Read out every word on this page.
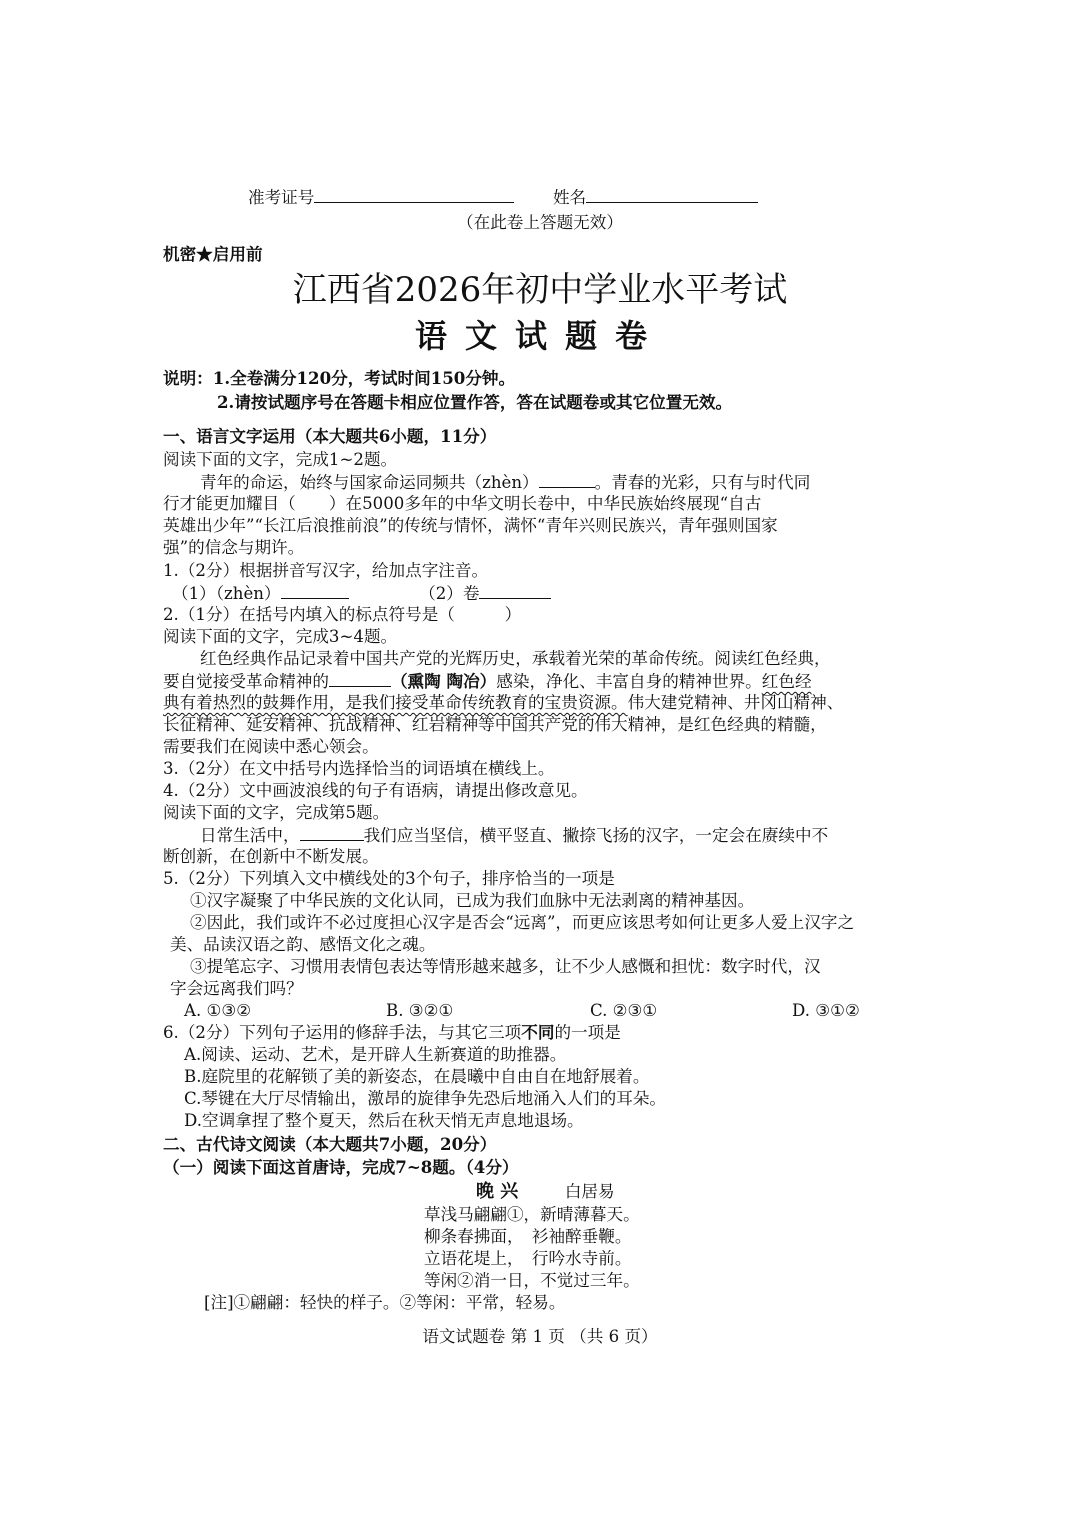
准考证号	姓名
（在此卷上答题无效）
机密★启用前
江西省2026年初中学业水平考试
语文试题卷
说明：1.全卷满分120分，考试时间150分钟。
2.请按试题序号在答题卡相应位置作答，答在试题卷或其它位置无效。
一、语言文字运用（本大题共6小题，11分）
阅读下面的文字，完成1~2题。
青年的命运，始终与国家命运同频共（zhèn）	。青春的光彩，只有与时代同
行才能更加耀目（　　）在5000多年的中华文明长卷中，中华民族始终展现“自古
英雄出少年”“长江后浪推前浪”的传统与情怀，满怀“青年兴则民族兴，青年强则国家
强”的信念与期许。
1.（2分）根据拼音写汉字，给加点字注音。
（1）（zhèn）	（2）卷
2.（1分）在括号内填入的标点符号是（　　　）
阅读下面的文字，完成3~4题。
红色经典作品记录着中国共产党的光辉历史，承载着光荣的革命传统。阅读红色经典，
要自觉接受革命精神的	（熏陶 陶冶）感染，净化、丰富自身的精神世界。红色经
典有着热烈的鼓舞作用，是我们接受革命传统教育的宝贵资源。伟大建党精神、井冈山精神、
长征精神、延安精神、抗战精神、红岩精神等中国共产党的伟大精神，是红色经典的精髓，
需要我们在阅读中悉心领会。
3.（2分）在文中括号内选择恰当的词语填在横线上。
4.（2分）文中画波浪线的句子有语病，请提出修改意见。
阅读下面的文字，完成第5题。
日常生活中，	我们应当坚信，横平竖直、撇捺飞扬的汉字，一定会在赓续中不
断创新，在创新中不断发展。
5.（2分）下列填入文中横线处的3个句子，排序恰当的一项是
①汉字凝聚了中华民族的文化认同，已成为我们血脉中无法剥离的精神基因。
②因此，我们或许不必过度担心汉字是否会“远离”，而更应该思考如何让更多人爱上汉字之
美、品读汉语之韵、感悟文化之魂。
③提笔忘字、习惯用表情包表达等情形越来越多，让不少人感慨和担忧：数字时代，汉
字会远离我们吗？
A. ①③②	B. ③②①	C. ②③①	D. ③①②
6.（2分）下列句子运用的修辞手法，与其它三项不同的一项是
A.阅读、运动、艺术，是开辟人生新赛道的助推器。
B.庭院里的花解锁了美的新姿态，在晨曦中自由自在地舒展着。
C.琴键在大厅尽情输出，激昂的旋律争先恐后地涌入人们的耳朵。
D.空调拿捏了整个夏天，然后在秋天悄无声息地退场。
二、古代诗文阅读（本大题共7小题，20分）
（一）阅读下面这首唐诗，完成7~8题。（4分）
晚 兴	白居易
草浅马翩翩①，新晴薄暮天。
柳条春拂面，　衫袖醉垂鞭。
立语花堤上，　行吟水寺前。
等闲②消一日，不觉过三年。
[注]①翩翩：轻快的样子。②等闲：平常，轻易。
语文试题卷 第 1 页 （共 6 页）
